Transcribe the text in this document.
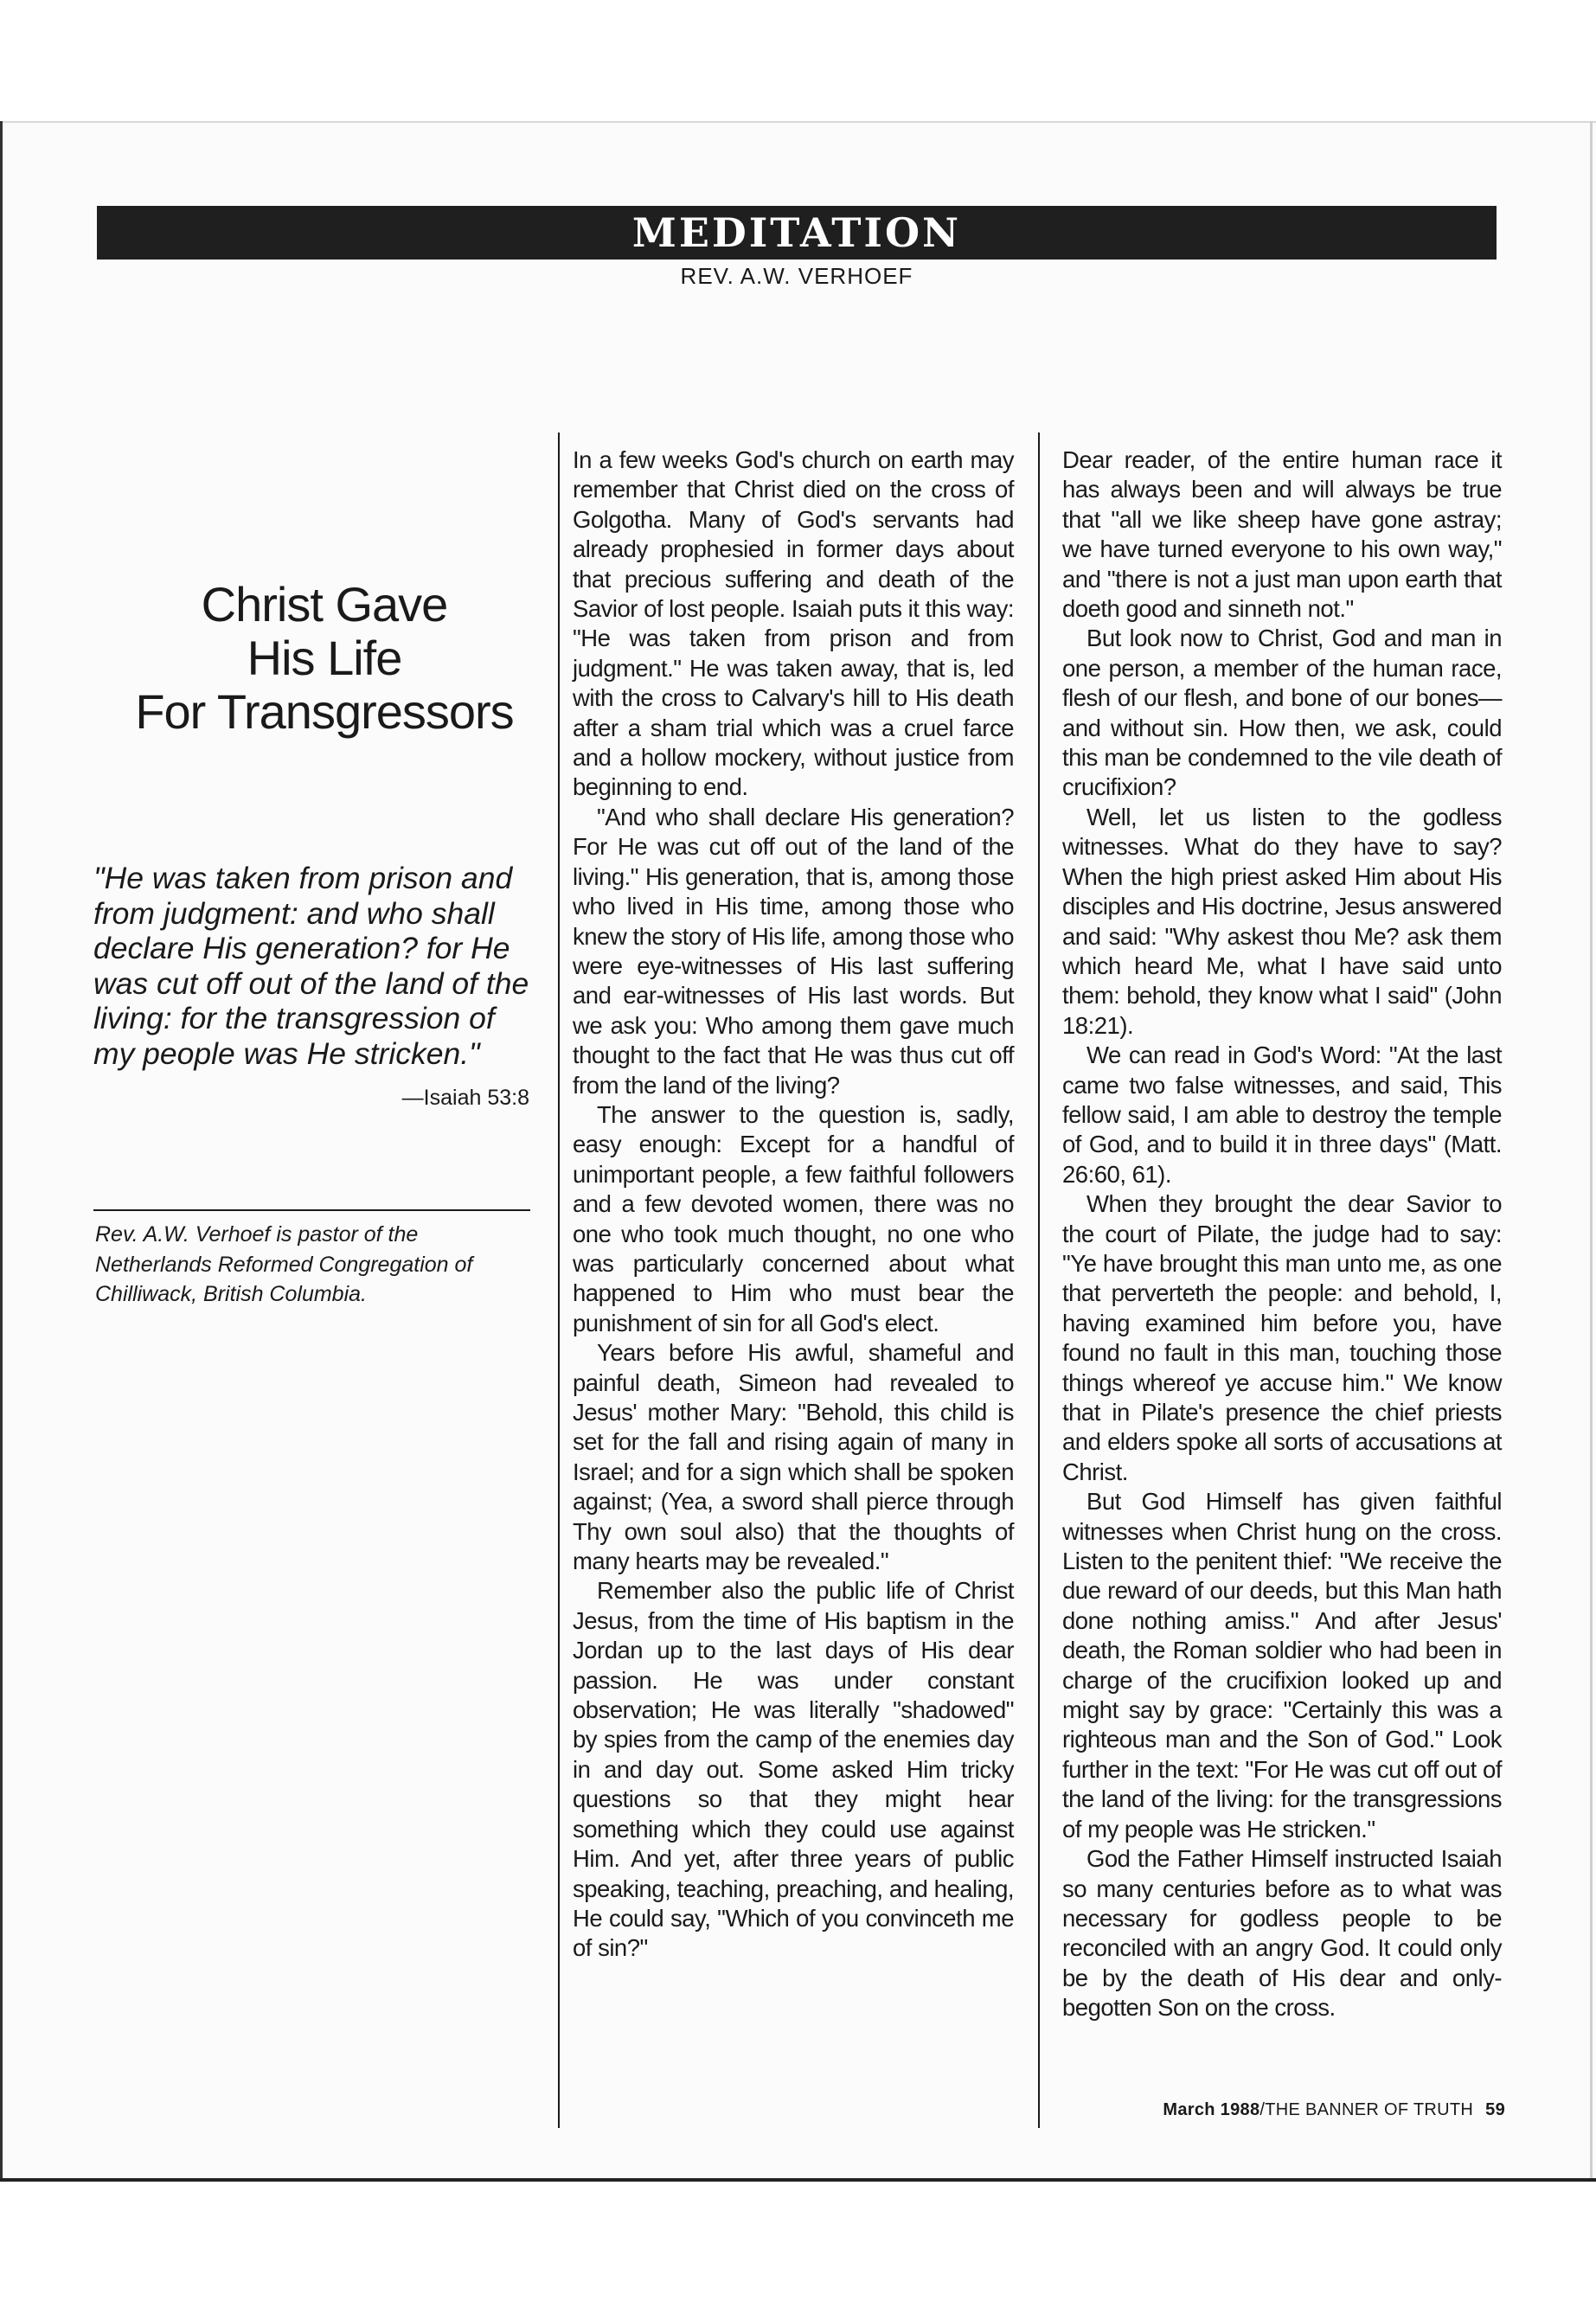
MEDITATION
REV. A.W. VERHOEF
Christ Gave
His Life
For Transgressors

"He was taken from prison and from judgment: and who shall declare His generation? for He was cut off out of the land of the living: for the transgression of my people was He stricken."

—Isaiah 53:8
Rev. A.W. Verhoef is pastor of the Netherlands Reformed Congregation of Chilliwack, British Columbia.

In a few weeks God's church on earth may remember that Christ died on the cross of Golgotha. Many of God's servants had already prophesied in former days about that precious suffering and death of the Savior of lost people. Isaiah puts it this way: "He was taken from prison and from judgment." He was taken away, that is, led with the cross to Calvary's hill to His death after a sham trial which was a cruel farce and a hollow mockery, without justice from beginning to end.

"And who shall declare His generation? For He was cut off out of the land of the living." His generation, that is, among those who lived in His time, among those who knew the story of His life, among those who were eye-witnesses of His last suffering and ear-witnesses of His last words. But we ask you: Who among them gave much thought to the fact that He was thus cut off from the land of the living?

The answer to the question is, sadly, easy enough: Except for a handful of unimportant people, a few faithful followers and a few devoted women, there was no one who took much thought, no one who was particularly concerned about what happened to Him who must bear the punishment of sin for all God's elect.

Years before His awful, shameful and painful death, Simeon had revealed to Jesus' mother Mary: "Behold, this child is set for the fall and rising again of many in Israel; and for a sign which shall be spoken against; (Yea, a sword shall pierce through Thy own soul also) that the thoughts of many hearts may be revealed."

Remember also the public life of Christ Jesus, from the time of His baptism in the Jordan up to the last days of His dear passion. He was under constant observation; He was literally "shadowed" by spies from the camp of the enemies day in and day out. Some asked Him tricky questions so that they might hear something which they could use against Him. And yet, after three years of public speaking, teaching, preaching, and healing, He could say, "Which of you convinceth me of sin?"

Dear reader, of the entire human race it has always been and will always be true that "all we like sheep have gone astray; we have turned everyone to his own way," and "there is not a just man upon earth that doeth good and sinneth not."

But look now to Christ, God and man in one person, a member of the human race, flesh of our flesh, and bone of our bones—and without sin. How then, we ask, could this man be condemned to the vile death of crucifixion?

Well, let us listen to the godless witnesses. What do they have to say? When the high priest asked Him about His disciples and His doctrine, Jesus answered and said: "Why askest thou Me? ask them which heard Me, what I have said unto them: behold, they know what I said" (John 18:21).

We can read in God's Word: "At the last came two false witnesses, and said, This fellow said, I am able to destroy the temple of God, and to build it in three days" (Matt. 26:60, 61).

When they brought the dear Savior to the court of Pilate, the judge had to say: "Ye have brought this man unto me, as one that perverteth the people: and behold, I, having examined him before you, have found no fault in this man, touching those things whereof ye accuse him." We know that in Pilate's presence the chief priests and elders spoke all sorts of accusations at Christ.

But God Himself has given faithful witnesses when Christ hung on the cross. Listen to the penitent thief: "We receive the due reward of our deeds, but this Man hath done nothing amiss." And after Jesus' death, the Roman soldier who had been in charge of the crucifixion looked up and might say by grace: "Certainly this was a righteous man and the Son of God." Look further in the text: "For He was cut off out of the land of the living: for the transgressions of my people was He stricken."

God the Father Himself instructed Isaiah so many centuries before as to what was necessary for godless people to be reconciled with an angry God. It could only be by the death of His dear and only-begotten Son on the cross.

March 1988/THE BANNER OF TRUTH 59
